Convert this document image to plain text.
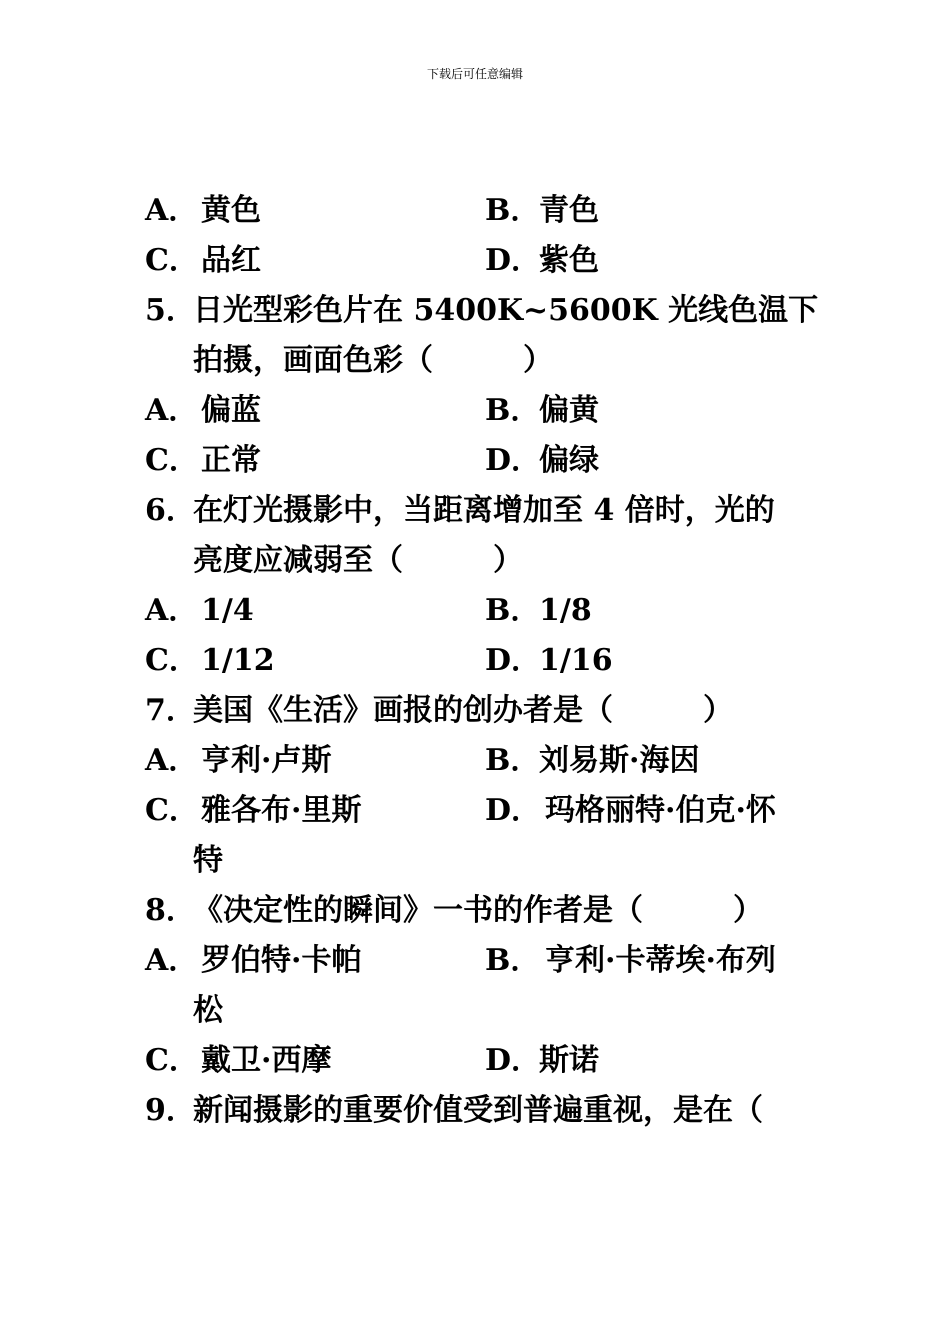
下载后可任意编辑
A．黄色	B．青色
C．品红	D．紫色
5．日光型彩色片在 5400K~5600K 光线色温下
拍摄，画面色彩（　　　）
A．偏蓝	B．偏黄
C．正常	D．偏绿
6．在灯光摄影中，当距离增加至 4 倍时，光的
亮度应减弱至（　　　）
A．1/4	B．1/8
C．1/12	D．1/16
7．美国《生活》画报的创办者是（　　　）
A．亨利·卢斯	B．刘易斯·海因
C．雅各布·里斯	D． 玛格丽特·伯克·怀
特
8．《决定性的瞬间》一书的作者是（　　　）
A．罗伯特·卡帕	B． 亨利·卡蒂埃·布列
松
C．戴卫·西摩	D．斯诺
9．新闻摄影的重要价值受到普遍重视，是在（
